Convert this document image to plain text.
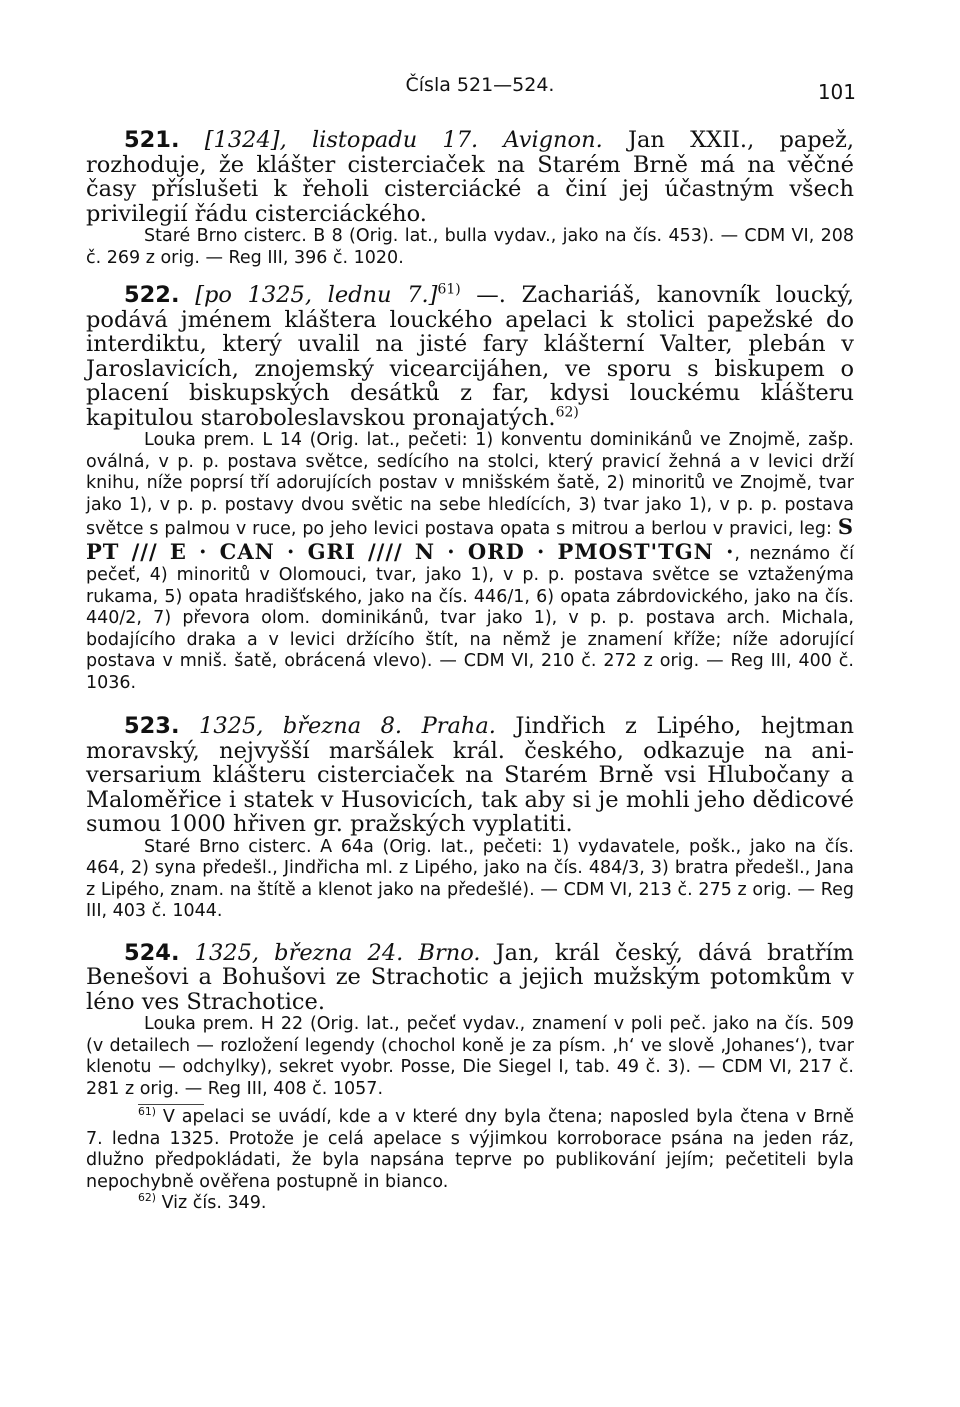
Čísla 521—524.	101

521. [1324], listopadu 17. Avignon. Jan XXII., papež, rozhoduje, že klášter cisterciaček na Starém Brně má na věčné časy příslušeti k řeholi cisterciácké a činí jej účastným všech privilegií řádu cisterciáckého.

Staré Brno cisterc. B 8 (Orig. lat., bulla vydav., jako na čís. 453). — CDM VI, 208 č. 269 z orig. — Reg III, 396 č. 1020.

522. [po 1325, lednu 7.]$^{61)}$ —. Zachariáš, kanovník loucký, podává jménem kláštera louckého apelaci k stolici papežské do interdiktu, který uvalil na jisté fary klášterní Valter, plebán v Jaroslavicích, znojemský vicearcijáhen, ve sporu s biskupem o placení biskupských desátků z far, kdysi louckému klášteru kapitulou staroboleslavskou pronajatých.$^{62)}$

Louka prem. L 14 (Orig. lat., pečeti: 1) konventu dominikánů ve Znojmě, zašp. oválná, v p. p. postava světce, sedícího na stolci, který pravicí žehná a v levici drží knihu, níže poprsí tří adorujících postav v mnišském šatě, 2) minoritů ve Znojmě, tvar jako 1), v p. p. postavy dvou světic na sebe hledících, 3) tvar jako 1), v p. p. postava světce s palmou v ruce, po jeho levici postava opata s mitrou a berlou v pravici, leg: S PT /// E · CAN · GRI //// N · ORD · PMOST'TGN ·, neznámo čí pečeť, 4) minoritů v Olomouci, tvar, jako 1), v p. p. postava světce se vztaženýma rukama, 5) opata hradišťského, jako na čís. 446/1, 6) opata zábrdovického, jako na čís. 440/2, 7) převora olom. dominikánů, tvar jako 1), v p. p. postava arch. Michala, bodajícího draka a v levici držícího štít, na němž je znamení kříže; níže adorující postava v mniš. šatě, obrácená vlevo). — CDM VI, 210 č. 272 z orig. — Reg III, 400 č. 1036.

523. 1325, března 8. Praha. Jindřich z Lipého, hejtman moravský, nejvyšší maršálek král. českého, odkazuje na aniversarium klášteru cisterciaček na Starém Brně vsi Hlubočany a Maloměřice i statek v Husovicích, tak aby si je mohli jeho dědicové sumou 1000 hřiven gr. pražských vyplatiti.

Staré Brno cisterc. A 64a (Orig. lat., pečeti: 1) vydavatele, pošk., jako na čís. 464, 2) syna předešl., Jindřicha ml. z Lipého, jako na čís. 484/3, 3) bratra předešl., Jana z Lipého, znam. na štítě a klenot jako na předešlé). — CDM VI, 213 č. 275 z orig. — Reg III, 403 č. 1044.

524. 1325, března 24. Brno. Jan, král český, dává bratřím Benešovi a Bohušovi ze Strachotic a jejich mužským potomkům v léno ves Strachotice.

Louka prem. H 22 (Orig. lat., pečeť vydav., znamení v poli peč. jako na čís. 509 (v detailech — rozložení legendy (chochol koně je za písm. ‚h‘ ve slově ‚Johanes‘), tvar klenotu — odchylky), sekret vyobr. Posse, Die Siegel I, tab. 49 č. 3). — CDM VI, 217 č. 281 z orig. — Reg III, 408 č. 1057.

$^{61)}$ V apelaci se uvádí, kde a v které dny byla čtena; naposled byla čtena v Brně 7. ledna 1325. Protože je celá apelace s výjimkou korroborace psána na jeden ráz, dlužno předpokládati, že byla napsána teprve po publikování jejím; pečetiteli byla nepochybně ověřena postupně in bianco.

$^{62)}$ Viz čís. 349.
